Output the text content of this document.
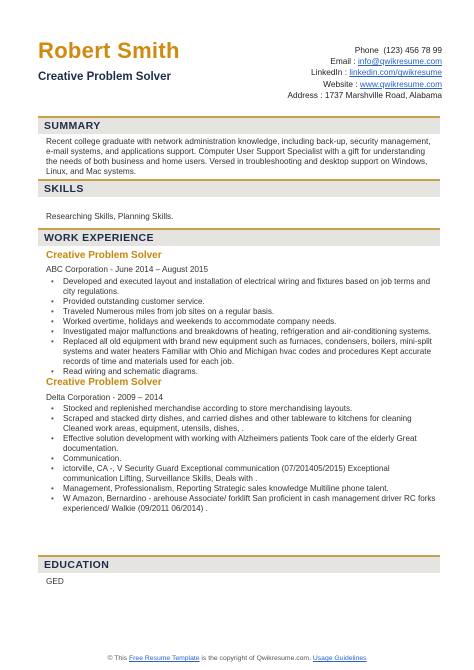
Robert Smith
Creative Problem Solver
Phone (123) 456 78 99
Email : info@qwikresume.com
LinkedIn : linkedin.com/qwikresume
Website : www.qwikresume.com
Address : 1737 Marshville Road, Alabama
SUMMARY
Recent college graduate with network administration knowledge, including back-up, security management, e-mail systems, and applications support. Computer User Support Specialist with a gift for understanding the needs of both business and home users. Versed in troubleshooting and desktop support on Windows, Linux, and Mac systems.
SKILLS
Researching Skills, Planning Skills.
WORK EXPERIENCE
Creative Problem Solver
ABC Corporation - June 2014 – August 2015
• Developed and executed layout and installation of electrical wiring and fixtures based on job terms and city regulations.
• Provided outstanding customer service.
• Traveled Numerous miles from job sites on a regular basis.
• Worked overtime, holidays and weekends to accommodate company needs.
• Investigated major malfunctions and breakdowns of heating, refrigeration and air-conditioning systems.
• Replaced all old equipment with brand new equipment such as furnaces, condensers, boilers, mini-split systems and water heaters Familiar with Ohio and Michigan hvac codes and procedures Kept accurate records of time and materials used for each job.
• Read wiring and schematic diagrams.
Creative Problem Solver
Delta Corporation - 2009 – 2014
• Stocked and replenished merchandise according to store merchandising layouts.
• Scraped and stacked dirty dishes, and carried dishes and other tableware to kitchens for cleaning Cleaned work areas, equipment, utensils, dishes, .
• Effective solution development with working with Alzheimers patients Took care of the elderly Great documentation.
• Communication.
• ictorville, CA -, V Security Guard Exceptional communication (07/201405/2015) Exceptional communication Lifting, Surveillance Skills, Deals with .
• Management, Professionalism, Reporting Strategic sales knowledge Multiline phone talent.
• W Amazon, Bernardino - arehouse Associate/ forklift San proficient in cash management driver RC forks experienced/ Walkie (09/2011 06/2014) .
EDUCATION
GED
© This Free Resume Template is the copyright of Qwikresume.com. Usage Guidelines
